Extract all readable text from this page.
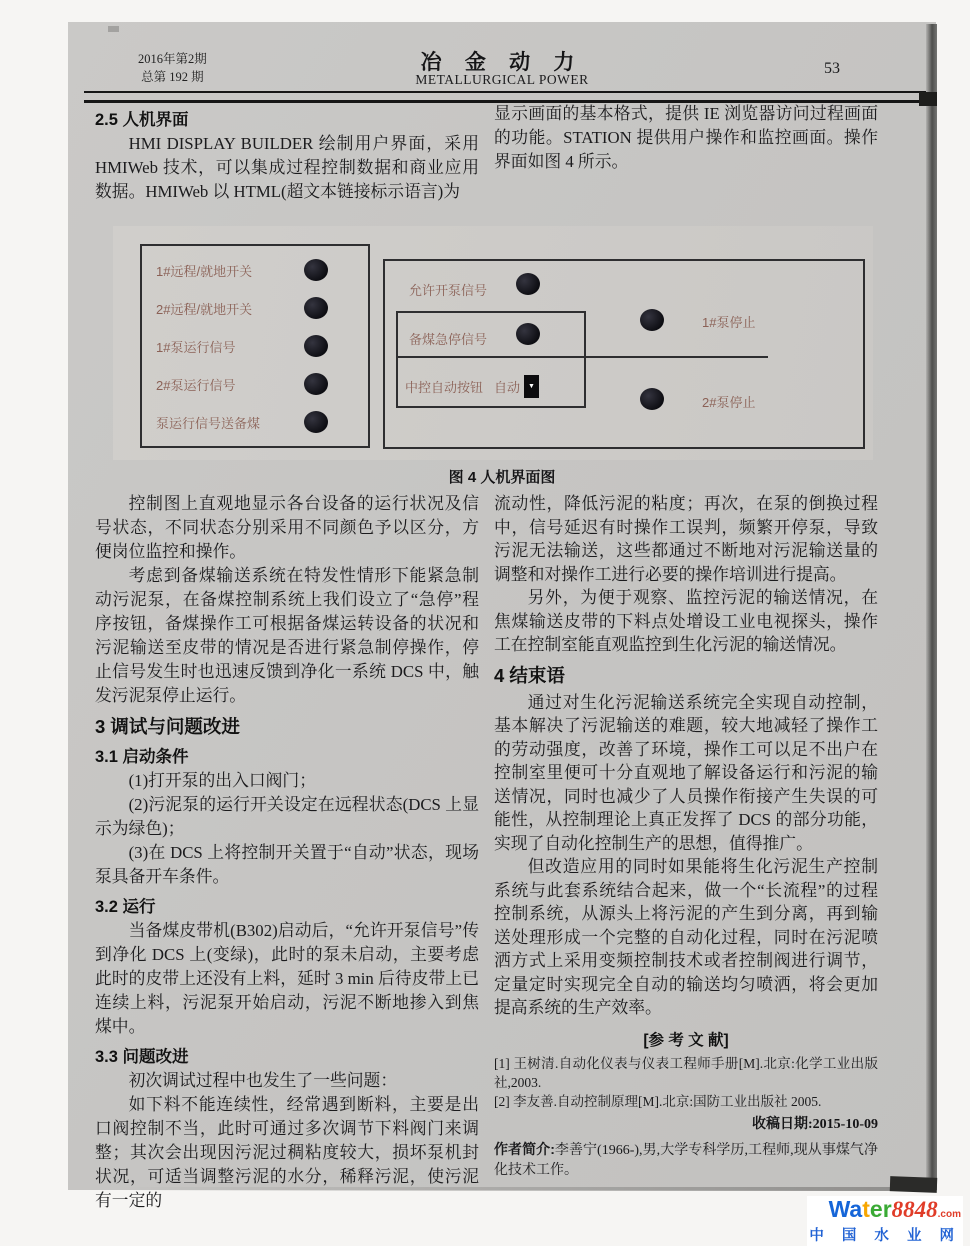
2016年第2期
总第 192 期
冶 金 动 力
METALLURGICAL POWER
53
2.5 人机界面

HMI DISPLAY BUILDER 绘制用户界面，采用 HMIWeb 技术，可以集成过程控制数据和商业应用数据。HMIWeb 以 HTML(超文本链接标示语言)为

显示画面的基本格式，提供 IE 浏览器访问过程画面的功能。STATION 提供用户操作和监控画面。操作界面如图 4 所示。

1#远程/就地开关
2#远程/就地开关
1#泵运行信号
2#泵运行信号
泵运行信号送备煤
允许开泵信号
备煤急停信号
中控自动按钮 自动 ▼
1#泵停止
2#泵停止
图 4 人机界面图

控制图上直观地显示各台设备的运行状况及信号状态，不同状态分别采用不同颜色予以区分，方便岗位监控和操作。

考虑到备煤输送系统在特发性情形下能紧急制动污泥泵，在备煤控制系统上我们设立了“急停”程序按钮，备煤操作工可根据备煤运转设备的状况和污泥输送至皮带的情况是否进行紧急制停操作，停止信号发生时也迅速反馈到净化一系统 DCS 中，触发污泥泵停止运行。

3 调试与问题改进
3.1 启动条件

(1)打开泵的出入口阀门；

(2)污泥泵的运行开关设定在远程状态(DCS 上显示为绿色)；

(3)在 DCS 上将控制开关置于“自动”状态，现场泵具备开车条件。

3.2 运行

当备煤皮带机(B302)启动后，“允许开泵信号”传到净化 DCS 上(变绿)，此时的泵未启动，主要考虑此时的皮带上还没有上料，延时 3 min 后待皮带上已连续上料，污泥泵开始启动，污泥不断地掺入到焦煤中。

3.3 问题改进

初次调试过程中也发生了一些问题：

如下料不能连续性，经常遇到断料，主要是出口阀控制不当，此时可通过多次调节下料阀门来调整；其次会出现因污泥过稠粘度较大，损坏泵机封状况，可适当调整污泥的水分，稀释污泥，使污泥有一定的

流动性，降低污泥的粘度；再次，在泵的倒换过程中，信号延迟有时操作工误判，频繁开停泵，导致污泥无法输送，这些都通过不断地对污泥输送量的调整和对操作工进行必要的操作培训进行提高。

另外，为便于观察、监控污泥的输送情况，在焦煤输送皮带的下料点处增设工业电视探头，操作工在控制室能直观监控到生化污泥的输送情况。

4 结束语

通过对生化污泥输送系统完全实现自动控制，基本解决了污泥输送的难题，较大地减轻了操作工的劳动强度，改善了环境，操作工可以足不出户在控制室里便可十分直观地了解设备运行和污泥的输送情况，同时也减少了人员操作衔接产生失误的可能性，从控制理论上真正发挥了 DCS 的部分功能，实现了自动化控制生产的思想，值得推广。

但改造应用的同时如果能将生化污泥生产控制系统与此套系统结合起来，做一个“长流程”的过程控制系统，从源头上将污泥的产生到分离，再到输送处理形成一个完整的自动化过程，同时在污泥喷洒方式上采用变频控制技术或者控制阀进行调节，定量定时实现完全自动的输送均匀喷洒，将会更加提高系统的生产效率。

[参 考 文 献]

[1] 王树清.自动化仪表与仪表工程师手册[M].北京:化学工业出版社,2003.

[2] 李友善.自动控制原理[M].北京:国防工业出版社 2005.

收稿日期:2015-10-09

作者简介:李善宁(1966-),男,大学专科学历,工程师,现从事煤气净化技术工作。

Water8848.com
中 国 水 业 网
